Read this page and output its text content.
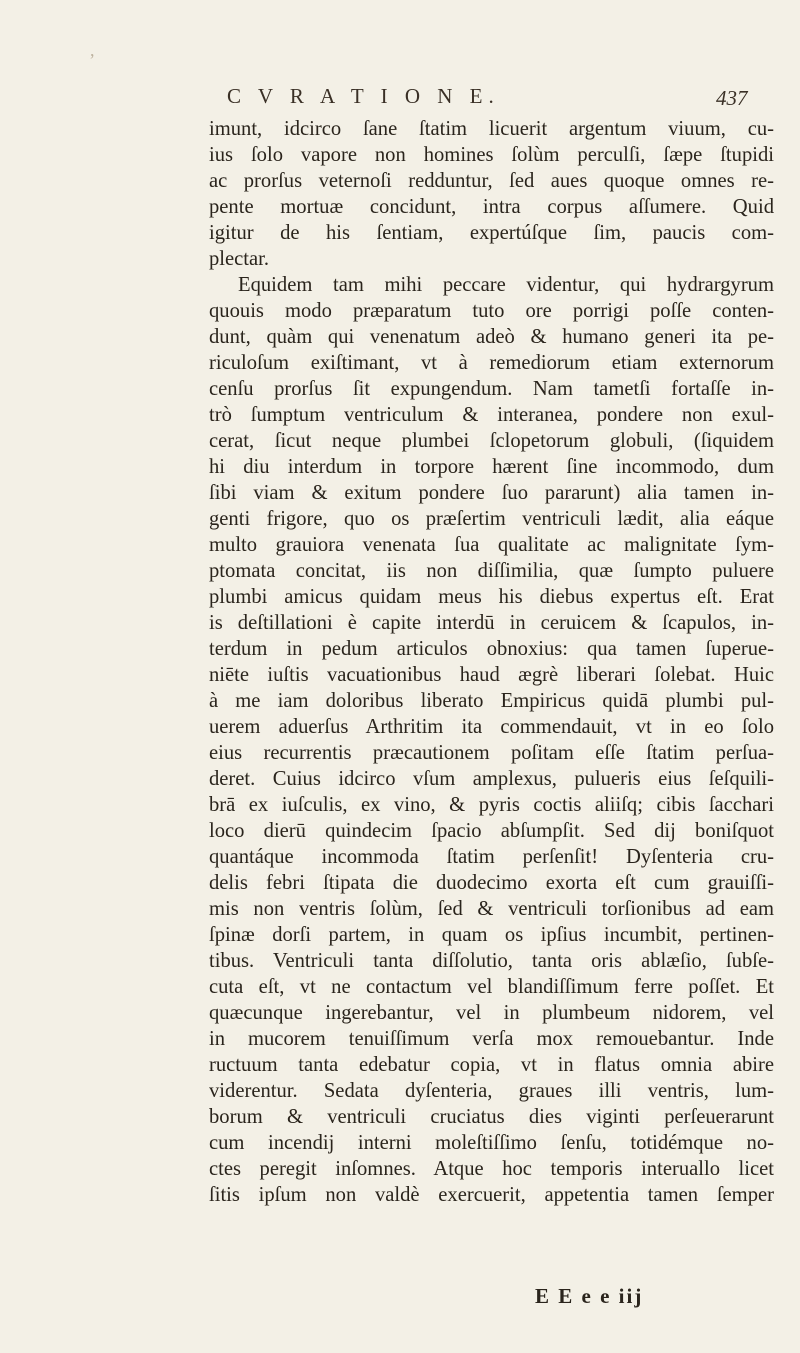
,
C V R A T I O N E.	437
imunt, idcirco ſane ſtatim licuerit argentum viuum, cu-
ius ſolo vapore non homines ſolùm perculſi, ſæpe ſtupidi
ac prorſus veternoſi redduntur, ſed aues quoque omnes re-
pente mortuæ concidunt, intra corpus aſſumere. Quid
igitur de his ſentiam, expertúſque ſim, paucis com-
plectar.
Equidem tam mihi peccare videntur, qui hydrargyrum
quouis modo præparatum tuto ore porrigi poſſe conten-
dunt, quàm qui venenatum adeò & humano generi ita pe-
riculoſum exiſtimant, vt à remediorum etiam externorum
cenſu prorſus ſit expungendum. Nam tametſi fortaſſe in-
trò ſumptum ventriculum & interanea, pondere non exul-
cerat, ſicut neque plumbei ſclopetorum globuli, (ſiquidem
hi diu interdum in torpore hærent ſine incommodo, dum
ſibi viam & exitum pondere ſuo pararunt) alia tamen in-
genti frigore, quo os præſertim ventriculi lædit, alia eáque
multo grauiora venenata ſua qualitate ac malignitate ſym-
ptomata concitat, iis non diſſimilia, quæ ſumpto puluere
plumbi amicus quidam meus his diebus expertus eſt. Erat
is deſtillationi è capite interdū in ceruicem & ſcapulos, in-
terdum in pedum articulos obnoxius: qua tamen ſuperue-
niēte iuſtis vacuationibus haud ægrè liberari ſolebat. Huic
à me iam doloribus liberato Empiricus quidā plumbi pul-
uerem aduerſus Arthritim ita commendauit, vt in eo ſolo
eius recurrentis præcautionem poſitam eſſe ſtatim perſua-
deret. Cuius idcirco vſum amplexus, pulueris eius ſeſquili-
brā ex iuſculis, ex vino, & pyris coctis aliiſq; cibis ſacchari
loco dierū quindecim ſpacio abſumpſit. Sed dij boniſquot
quantáque incommoda ſtatim perſenſit! Dyſenteria cru-
delis febri ſtipata die duodecimo exorta eſt cum grauiſſi-
mis non ventris ſolùm, ſed & ventriculi torſionibus ad eam
ſpinæ dorſi partem, in quam os ipſius incumbit, pertinen-
tibus. Ventriculi tanta diſſolutio, tanta oris ablæſio, ſubſe-
cuta eſt, vt ne contactum vel blandiſſimum ferre poſſet. Et
quæcunque ingerebantur, vel in plumbeum nidorem, vel
in mucorem tenuiſſimum verſa mox remouebantur. Inde
ructuum tanta edebatur copia, vt in flatus omnia abire
viderentur. Sedata dyſenteria, graues illi ventris, lum-
borum & ventriculi cruciatus dies viginti perſeuerarunt
cum incendij interni moleſtiſſimo ſenſu, totidémque no-
ctes peregit inſomnes. Atque hoc temporis interuallo licet
ſitis ipſum non valdè exercuerit, appetentia tamen ſemper
E E e e iij
